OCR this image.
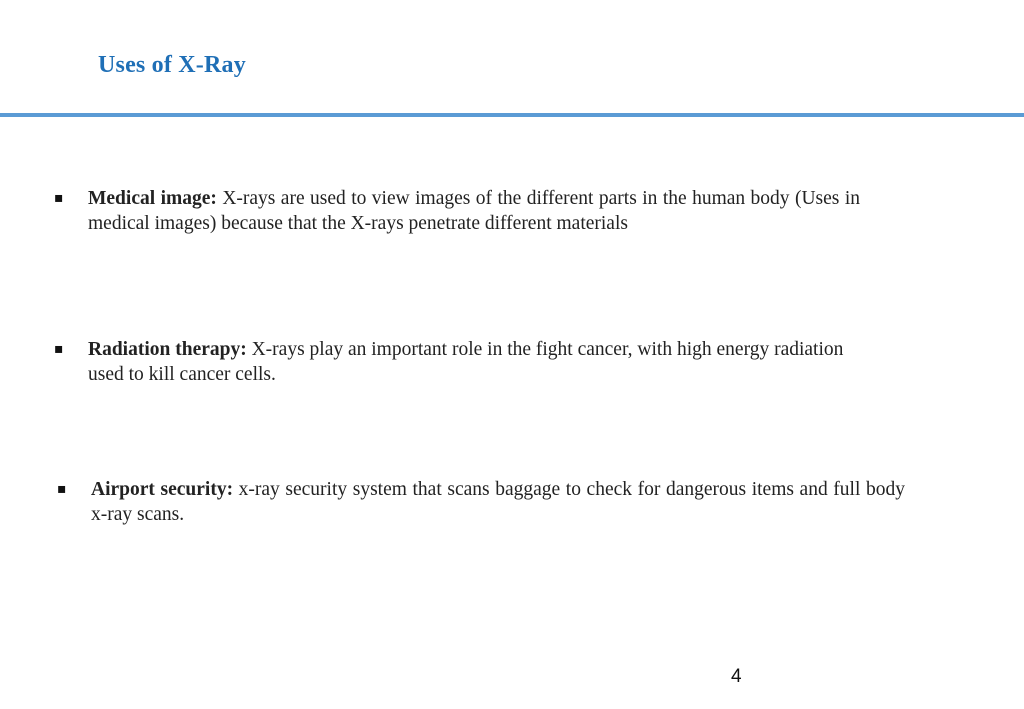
Uses of X-Ray
▪ Medical image: X-rays are used to view images of the different parts in the human body (Uses in medical images) because that the X-rays penetrate different materials
▪ Radiation therapy: X-rays play an important role in the fight cancer, with high energy radiation used to kill cancer cells.
▪ Airport security: x-ray security system that scans baggage to check for dangerous items and full body x-ray scans.
4
